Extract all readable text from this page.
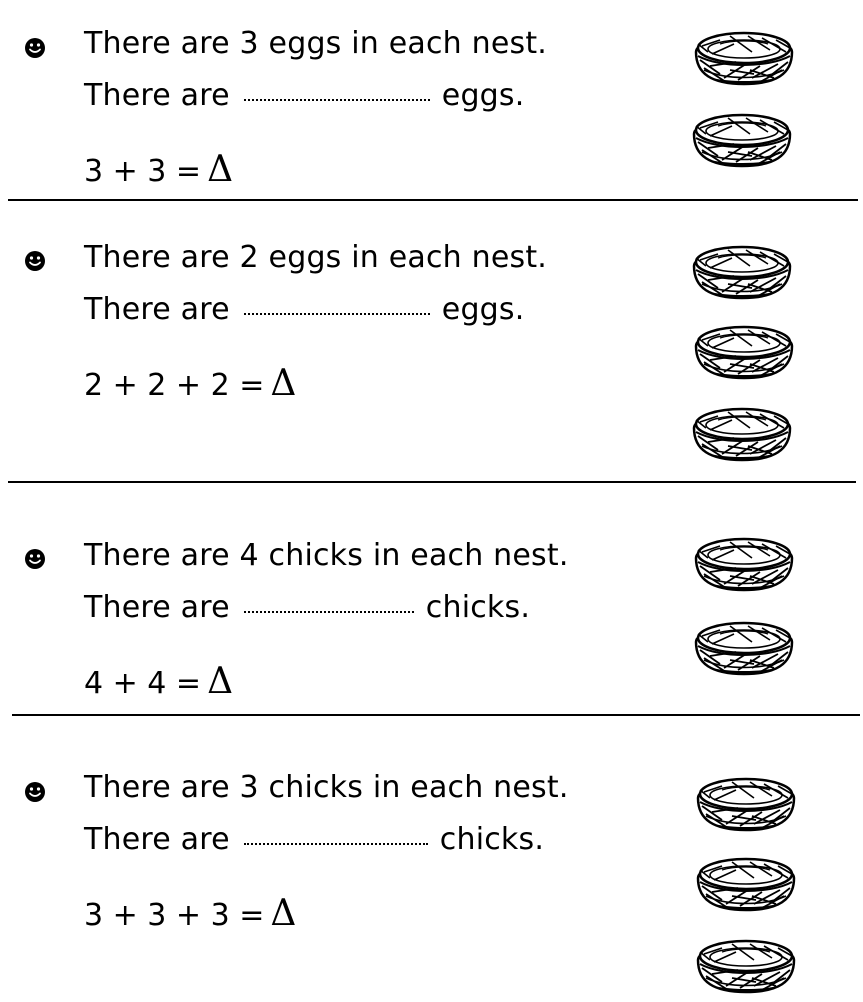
There are 3 eggs in each nest.
There are	eggs.
3 + 3 = Δ
There are 2 eggs in each nest.
There are	eggs.
2 + 2 + 2 = Δ
There are 4 chicks in each nest.
There are	chicks.
4 + 4 = Δ
There are 3 chicks in each nest.
There are	chicks.
3 + 3 + 3 = Δ
